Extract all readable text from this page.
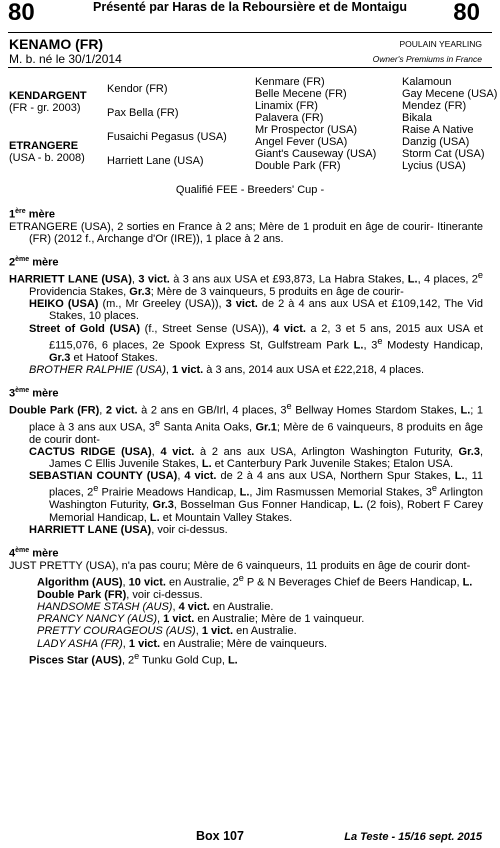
80	Présenté par Haras de la Reboursière et de Montaigu 80
KENAMO (FR)
M. b. né le 30/1/2014
POULAIN YEARLING
Owner's Premiums in France
KENDARGENT
(FR - gr. 2003)
ETRANGERE
(USA - b. 2008)
Kendor (FR)
Pax Bella (FR)
Fusaichi Pegasus (USA)
Harriett Lane (USA)
Kenmare (FR)
Belle Mecene (FR)
Linamix (FR)
Palavera (FR)
Mr Prospector (USA)
Angel Fever (USA)
Giant's Causeway (USA)
Double Park (FR)
Kalamoun
Gay Mecene (USA)
Mendez (FR)
Bikala
Raise A Native
Danzig (USA)
Storm Cat (USA)
Lycius (USA)
Qualifié FEE - Breeders' Cup -
1ère mère

ETRANGERE (USA), 2 sorties en France à 2 ans; Mère de 1 produit en âge de courir- Itinerante (FR) (2012 f., Archange d'Or (IRE)), 1 place à 2 ans.

2ème mère

HARRIETT LANE (USA), 3 vict. à 3 ans aux USA et £93,873, La Habra Stakes, L., 4 places, 2e Providencia Stakes, Gr.3; Mère de 3 vainqueurs, 5 produits en âge de courir-

HEIKO (USA) (m., Mr Greeley (USA)), 3 vict. de 2 à 4 ans aux USA et £109,142, The Vid Stakes, 10 places.

Street of Gold (USA) (f., Street Sense (USA)), 4 vict. a 2, 3 et 5 ans, 2015 aux USA et £115,076, 6 places, 2e Spook Express St, Gulfstream Park L., 3e Modesty Handicap, Gr.3 et Hatoof Stakes.

BROTHER RALPHIE (USA), 1 vict. à 3 ans, 2014 aux USA et £22,218, 4 places.

3ème mère

Double Park (FR), 2 vict. à 2 ans en GB/Irl, 4 places, 3e Bellway Homes Stardom Stakes, L.; 1 place à 3 ans aux USA, 3e Santa Anita Oaks, Gr.1; Mère de 6 vainqueurs, 8 produits en âge de courir dont-

CACTUS RIDGE (USA), 4 vict. à 2 ans aux USA, Arlington Washington Futurity, Gr.3, James C Ellis Juvenile Stakes, L. et Canterbury Park Juvenile Stakes; Etalon USA.

SEBASTIAN COUNTY (USA), 4 vict. de 2 à 4 ans aux USA, Northern Spur Stakes, L., 11 places, 2e Prairie Meadows Handicap, L., Jim Rasmussen Memorial Stakes, 3e Arlington Washington Futurity, Gr.3, Bosselman Gus Fonner Handicap, L. (2 fois), Robert F Carey Memorial Handicap, L. et Mountain Valley Stakes.

HARRIETT LANE (USA), voir ci-dessus.

4ème mère

JUST PRETTY (USA), n'a pas couru; Mère de 6 vainqueurs, 11 produits en âge de courir dont-

Algorithm (AUS), 10 vict. en Australie, 2e P & N Beverages Chief de Beers Handicap, L.

Double Park (FR), voir ci-dessus.

HANDSOME STASH (AUS), 4 vict. en Australie.

PRANCY NANCY (AUS), 1 vict. en Australie; Mère de 1 vainqueur.

PRETTY COURAGEOUS (AUS), 1 vict. en Australie.

LADY ASHA (FR), 1 vict. en Australie; Mère de vainqueurs.

Pisces Star (AUS), 2e Tunku Gold Cup, L.

Box 107	La Teste - 15/16 sept. 2015
